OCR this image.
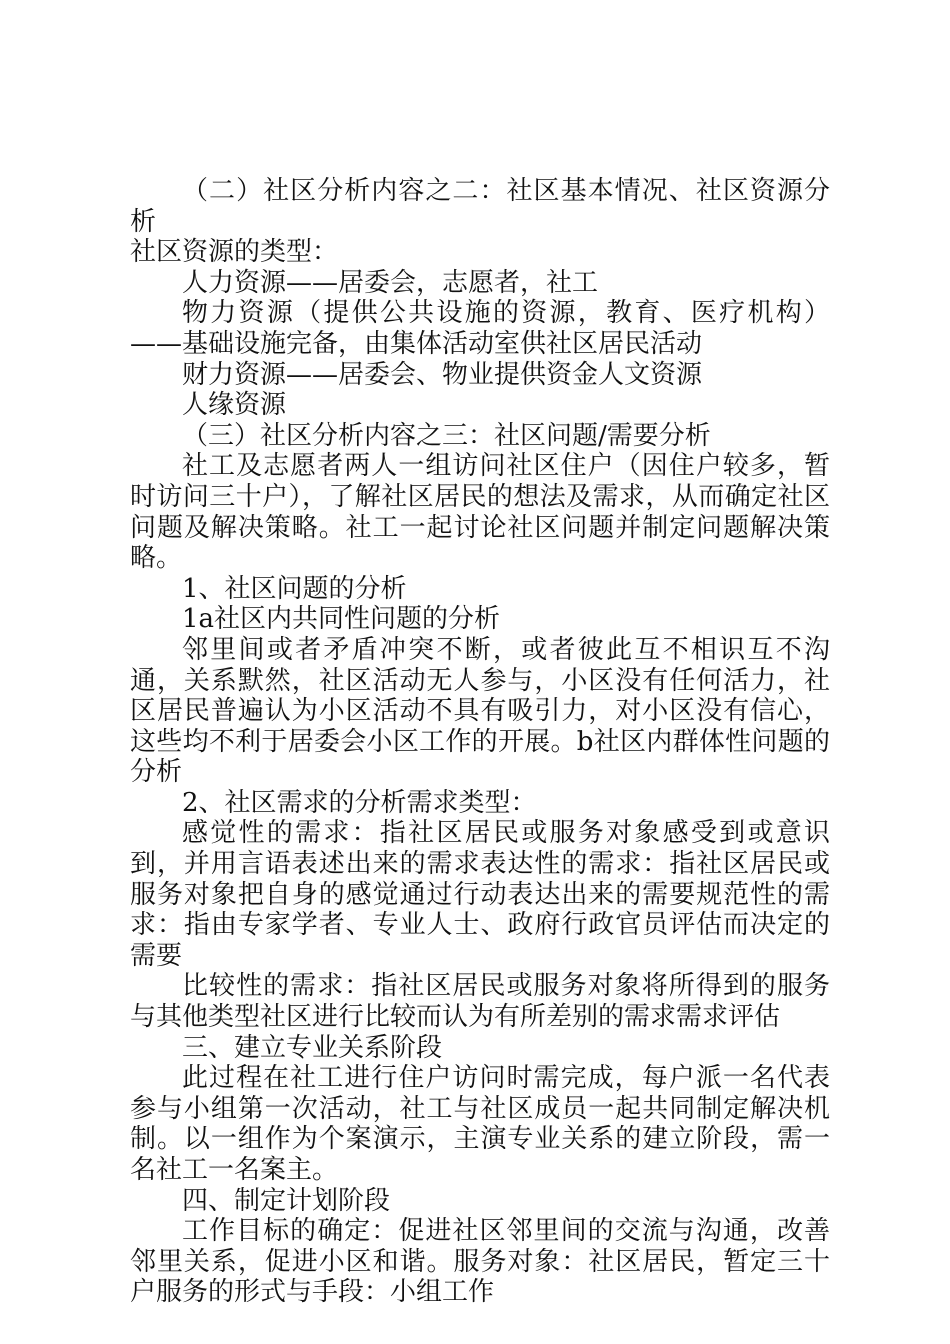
（二）社区分析内容之二：社区基本情况、社区资源分析

社区资源的类型：

人力资源——居委会，志愿者，社工

物力资源（提供公共设施的资源，教育、医疗机构）——基础设施完备，由集体活动室供社区居民活动

财力资源——居委会、物业提供资金人文资源

人缘资源

（三）社区分析内容之三：社区问题/需要分析

社工及志愿者两人一组访问社区住户（因住户较多，暂时访问三十户），了解社区居民的想法及需求，从而确定社区问题及解决策略。社工一起讨论社区问题并制定问题解决策略。

1、社区问题的分析

1a社区内共同性问题的分析

邻里间或者矛盾冲突不断，或者彼此互不相识互不沟通，关系默然，社区活动无人参与，小区没有任何活力，社区居民普遍认为小区活动不具有吸引力，对小区没有信心，这些均不利于居委会小区工作的开展。b社区内群体性问题的分析

2、社区需求的分析需求类型：

感觉性的需求：指社区居民或服务对象感受到或意识到，并用言语表述出来的需求表达性的需求：指社区居民或服务对象把自身的感觉通过行动表达出来的需要规范性的需求：指由专家学者、专业人士、政府行政官员评估而决定的需要

比较性的需求：指社区居民或服务对象将所得到的服务与其他类型社区进行比较而认为有所差别的需求需求评估

三、建立专业关系阶段

此过程在社工进行住户访问时需完成，每户派一名代表参与小组第一次活动，社工与社区成员一起共同制定解决机制。以一组作为个案演示，主演专业关系的建立阶段，需一名社工一名案主。

四、制定计划阶段

工作目标的确定：促进社区邻里间的交流与沟通，改善邻里关系，促进小区和谐。服务对象：社区居民，暂定三十户服务的形式与手段：小组工作
